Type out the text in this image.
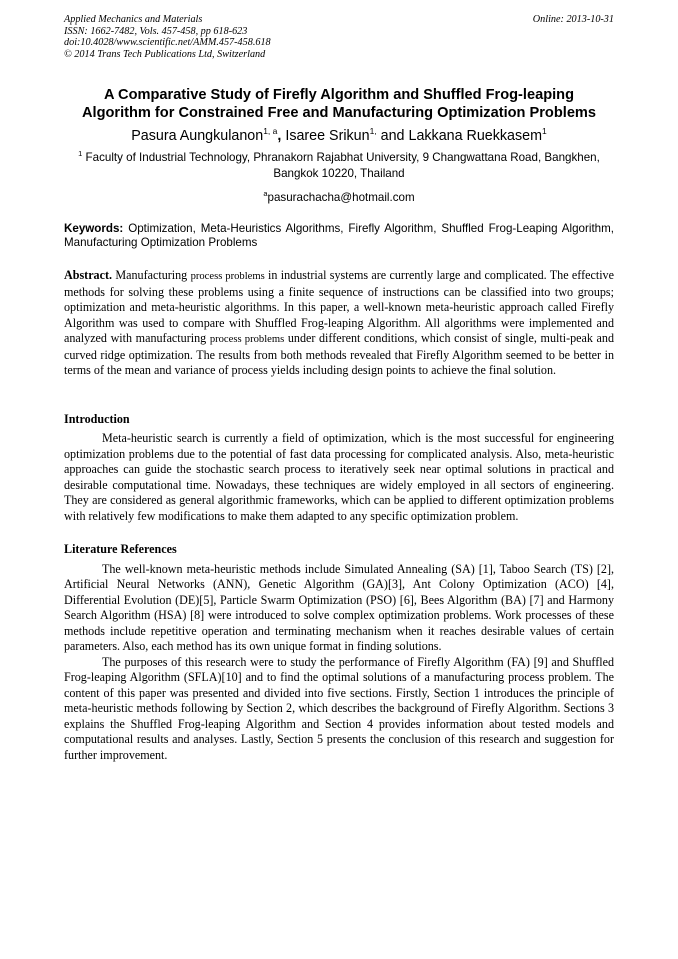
Applied Mechanics and Materials
ISSN: 1662-7482, Vols. 457-458, pp 618-623
doi:10.4028/www.scientific.net/AMM.457-458.618
© 2014 Trans Tech Publications Ltd, Switzerland
Online: 2013-10-31
A Comparative Study of Firefly Algorithm and Shuffled Frog-leaping Algorithm for Constrained Free and Manufacturing Optimization Problems
Pasura Aungkulanon$^{1, a}$, Isaree Srikun$^{1,}$ and Lakkana Ruekkasem$^1$
$^1$ Faculty of Industrial Technology, Phranakorn Rajabhat University, 9 Changwattana Road, Bangkhen, Bangkok 10220, Thailand
$^a$pasurachacha@hotmail.com
Keywords: Optimization, Meta-Heuristics Algorithms, Firefly Algorithm, Shuffled Frog-Leaping Algorithm, Manufacturing Optimization Problems
Abstract. Manufacturing process problems in industrial systems are currently large and complicated. The effective methods for solving these problems using a finite sequence of instructions can be classified into two groups; optimization and meta-heuristic algorithms. In this paper, a well-known meta-heuristic approach called Firefly Algorithm was used to compare with Shuffled Frog-leaping Algorithm. All algorithms were implemented and analyzed with manufacturing process problems under different conditions, which consist of single, multi-peak and curved ridge optimization. The results from both methods revealed that Firefly Algorithm seemed to be better in terms of the mean and variance of process yields including design points to achieve the final solution.
Introduction

Meta-heuristic search is currently a field of optimization, which is the most successful for engineering optimization problems due to the potential of fast data processing for complicated analysis. Also, meta-heuristic approaches can guide the stochastic search process to iteratively seek near optimal solutions in practical and desirable computational time. Nowadays, these techniques are widely employed in all sectors of engineering. They are considered as general algorithmic frameworks, which can be applied to different optimization problems with relatively few modifications to make them adapted to any specific optimization problem.

Literature References

The well-known meta-heuristic methods include Simulated Annealing (SA) [1], Taboo Search (TS) [2], Artificial Neural Networks (ANN), Genetic Algorithm (GA)[3], Ant Colony Optimization (ACO) [4], Differential Evolution (DE)[5], Particle Swarm Optimization (PSO) [6], Bees Algorithm (BA) [7] and Harmony Search Algorithm (HSA) [8] were introduced to solve complex optimization problems. Work processes of these methods include repetitive operation and terminating mechanism when it reaches desirable values of certain parameters. Also, each method has its own unique format in finding solutions.

The purposes of this research were to study the performance of Firefly Algorithm (FA) [9] and Shuffled Frog-leaping Algorithm (SFLA)[10] and to find the optimal solutions of a manufacturing process problem. The content of this paper was presented and divided into five sections. Firstly, Section 1 introduces the principle of meta-heuristic methods following by Section 2, which describes the background of Firefly Algorithm. Sections 3 explains the Shuffled Frog-leaping Algorithm and Section 4 provides information about tested models and computational results and analyses. Lastly, Section 5 presents the conclusion of this research and suggestion for further improvement.
